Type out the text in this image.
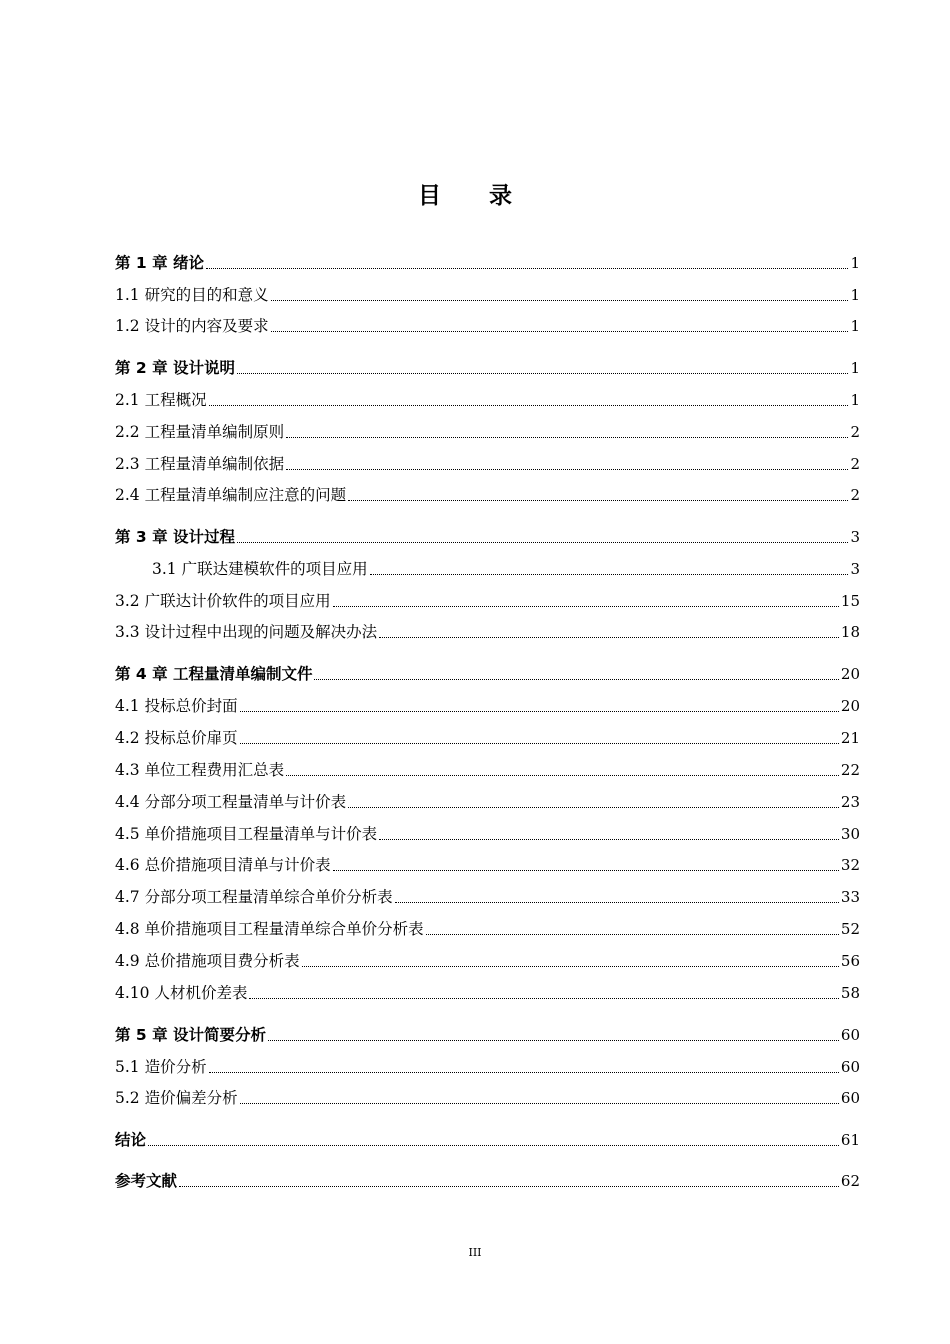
目 录
第 1 章 绪论	1
1.1 研究的目的和意义	1
1.2 设计的内容及要求	1
第 2 章 设计说明	1
2.1 工程概况	1
2.2 工程量清单编制原则	2
2.3 工程量清单编制依据	2
2.4 工程量清单编制应注意的问题	2
第 3 章 设计过程	3
3.1 广联达建模软件的项目应用	3
3.2 广联达计价软件的项目应用	15
3.3 设计过程中出现的问题及解决办法	18
第 4 章 工程量清单编制文件	20
4.1 投标总价封面	20
4.2 投标总价扉页	21
4.3 单位工程费用汇总表	22
4.4 分部分项工程量清单与计价表	23
4.5 单价措施项目工程量清单与计价表	30
4.6 总价措施项目清单与计价表	32
4.7 分部分项工程量清单综合单价分析表	33
4.8 单价措施项目工程量清单综合单价分析表	52
4.9 总价措施项目费分析表	56
4.10 人材机价差表	58
第 5 章 设计简要分析	60
5.1 造价分析	60
5.2 造价偏差分析	60
结论	61
参考文献	62
III
